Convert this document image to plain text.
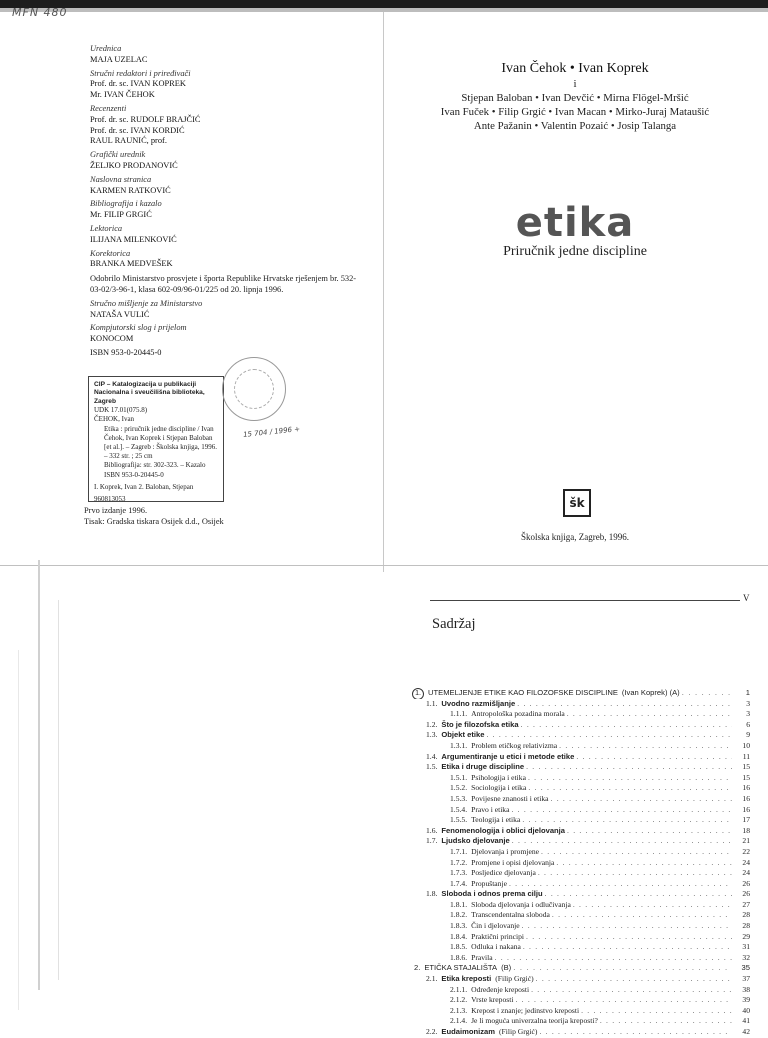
MFN 480
Urednica
MAJA UZELAC
Stručni redaktori i priređivači
Prof. dr. sc. IVAN KOPREK
Mr. IVAN ČEHOK
Recenzenti
Prof. dr. sc. RUDOLF BRAJČIĆ
Prof. dr. sc. IVAN KORDIĆ
RAUL RAUNIĆ, prof.
Grafički urednik
ŽELJKO PRODANOVIĆ
Naslovna stranica
KARMEN RATKOVIĆ
Bibliografija i kazalo
Mr. FILIP GRGIĆ
Lektorica
ILIJANA MILENKOVIĆ
Korektorica
BRANKA MEDVEŠEK
Odobrilo Ministarstvo prosvjete i športa Republike Hrvatske rješenjem br. 532-03-02/3-96-1, klasa 602-09/96-01/225 od 20. lipnja 1996.
Stručno mišljenje za Ministarstvo
NATAŠA VULIĆ
Kompjutorski slog i prijelom
KONOCOM
ISBN 953-0-20445-0
CIP – Katalogizacija u publikaciji Nacionalna i sveučilišna biblioteka, Zagreb
UDK 17.01(075.8)
ČEHOK, Ivan
Etika : priručnik jedne discipline / Ivan Čehok, Ivan Koprek i Stjepan Baloban [et al.]. – Zagreb : Školska knjiga, 1996. – 332 str. ; 25 cm
Bibliografija: str. 302-323. – Kazalo
ISBN 953-0-20445-0
I. Koprek, Ivan 2. Baloban, Stjepan
960813053
15 704 / 1996 +
Prvo izdanje 1996.
Tisak: Gradska tiskara Osijek d.d., Osijek
Ivan Čehok • Ivan Koprek
i
Stjepan Baloban • Ivan Devčić • Mirna Flögel-Mršić
Ivan Fuček • Filip Grgić • Ivan Macan • Mirko-Juraj Mataušić
Ante Pažanin • Valentin Pozaić • Josip Talanga
etika
Priručnik jedne discipline
šk
Školska knjiga, Zagreb, 1996.
V
Sadržaj
1. UTEMELJENJE ETIKE KAO FILOZOFSKE DISCIPLINE (Ivan Koprek) (A) . . .	1
1.1. Uvodno razmišljanje . . .	3
1.1.1. Antropološka pozadina morala . . .	3
1.2. Što je filozofska etika . . .	6
1.3. Objekt etike . . .	9
1.3.1. Problem etičkog relativizma . . .	10
1.4. Argumentiranje u etici i metode etike . . .	11
1.5. Etika i druge discipline . . .	15
1.5.1. Psihologija i etika . . .	15
1.5.2. Sociologija i etika . . .	16
1.5.3. Povijesne znanosti i etika . . .	16
1.5.4. Pravo i etika . . .	16
1.5.5. Teologija i etika . . .	17
1.6. Fenomenologija i oblici djelovanja . . .	18
1.7. Ljudsko djelovanje . . .	21
1.7.1. Djelovanja i promjene . . .	22
1.7.2. Promjene i opisi djelovanja . . .	24
1.7.3. Posljedice djelovanja . . .	24
1.7.4. Propuštanje . . .	26
1.8. Sloboda i odnos prema cilju . . .	26
1.8.1. Sloboda djelovanja i odlučivanja . . .	27
1.8.2. Transcendentalna sloboda . . .	28
1.8.3. Čin i djelovanje . . .	28
1.8.4. Praktični principi . . .	29
1.8.5. Odluka i nakana . . .	31
1.8.6. Pravila . . .	32
2. ETIČKA STAJALIŠTA (B) . . .	35
2.1. Etika kreposti (Filip Grgić) . . .	37
2.1.1. Određenje kreposti . . .	38
2.1.2. Vrste kreposti . . .	39
2.1.3. Krepost i znanje; jedinstvo kreposti . . .	40
2.1.4. Je li moguća univerzalna teorija kreposti? . . .	41
2.2. Eudaimonizam (Filip Grgić) . . .	42
